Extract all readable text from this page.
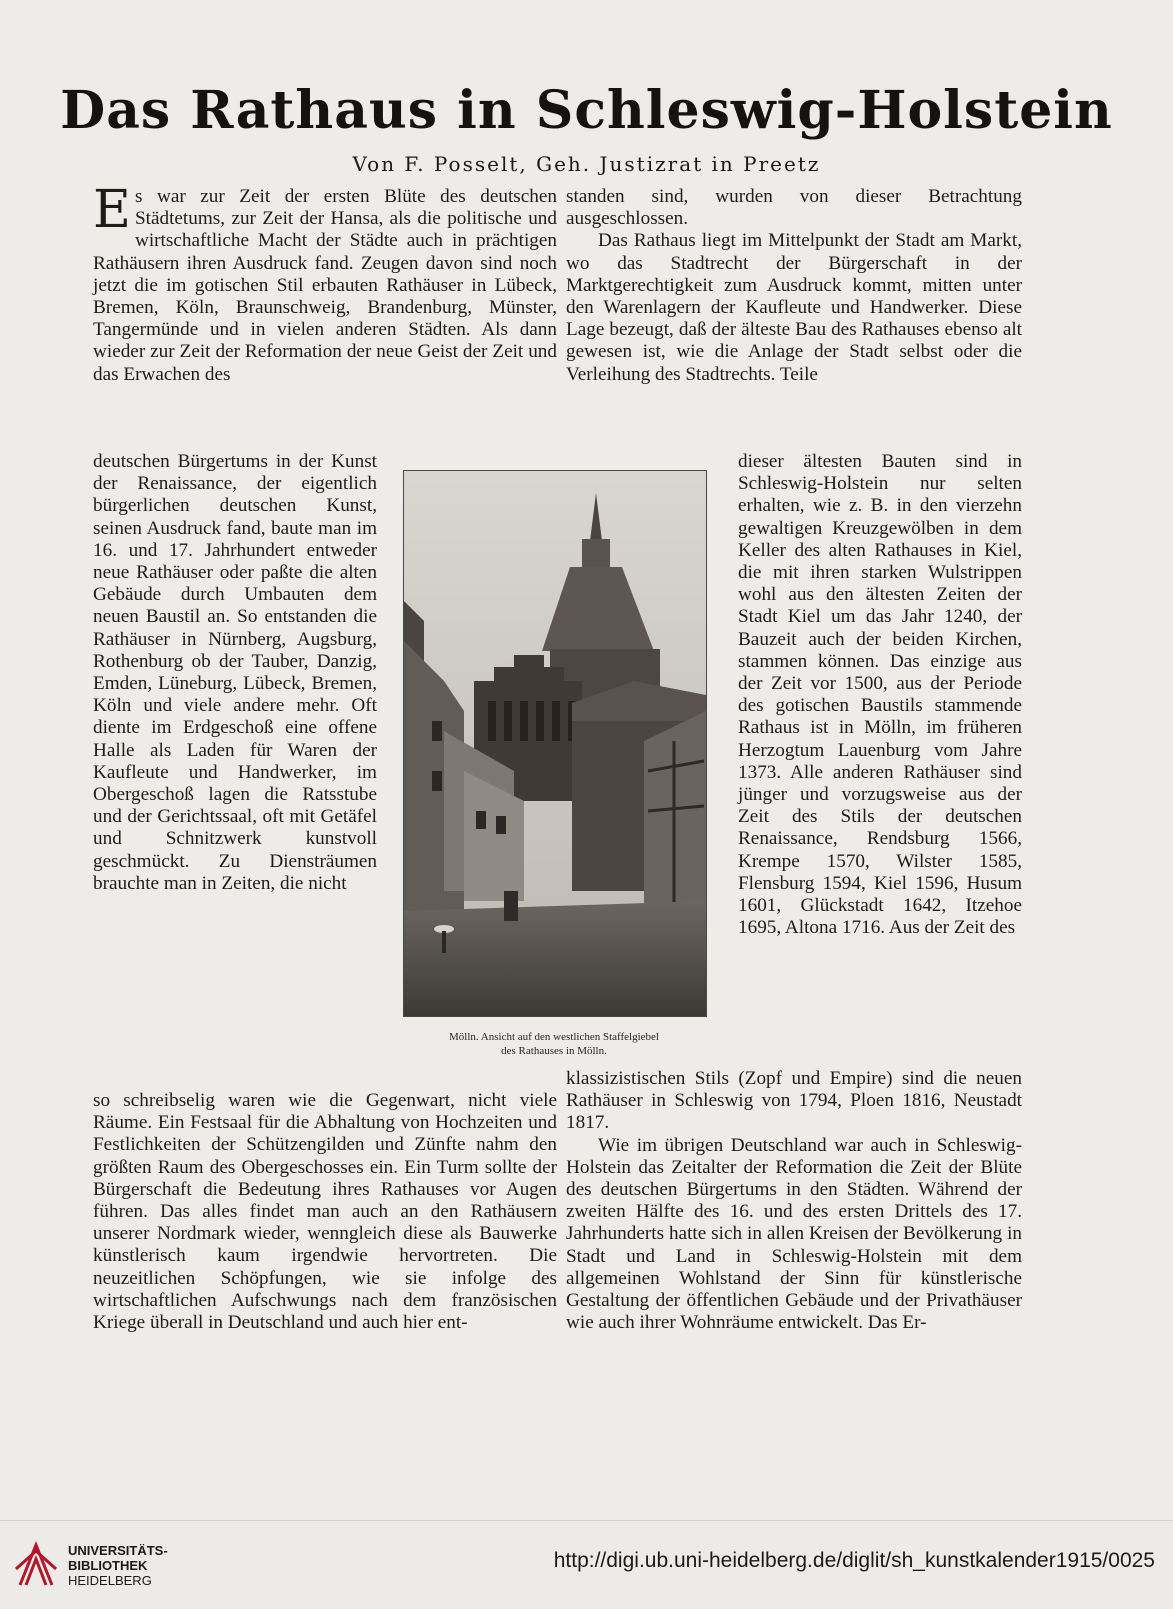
Das Rathaus in Schleswig-Holstein
Von F. Posselt, Geh. Justizrat in Preetz

Es war zur Zeit der ersten Blüte des deutschen Städtetums, zur Zeit der Hansa, als die politische und wirtschaftliche Macht der Städte auch in prächtigen Rathäusern ihren Ausdruck fand. Zeugen davon sind noch jetzt die im gotischen Stil erbauten Rathäuser in Lübeck, Bremen, Köln, Braunschweig, Brandenburg, Münster, Tangermünde und in vielen anderen Städten. Als dann wieder zur Zeit der Reformation der neue Geist der Zeit und das Erwachen des

standen sind, wurden von dieser Betrachtung ausgeschlossen.

Das Rathaus liegt im Mittelpunkt der Stadt am Markt, wo das Stadtrecht der Bürgerschaft in der Marktgerechtigkeit zum Ausdruck kommt, mitten unter den Warenlagern der Kaufleute und Handwerker. Diese Lage bezeugt, daß der älteste Bau des Rathauses ebenso alt gewesen ist, wie die Anlage der Stadt selbst oder die Verleihung des Stadtrechts. Teile

deutschen Bürgertums in der Kunst der Renaissance, der eigentlich bürgerlichen deutschen Kunst, seinen Ausdruck fand, baute man im 16. und 17. Jahrhundert entweder neue Rathäuser oder paßte die alten Gebäude durch Umbauten dem neuen Baustil an. So entstanden die Rathäuser in Nürnberg, Augsburg, Rothenburg ob der Tauber, Danzig, Emden, Lüneburg, Lübeck, Bremen, Köln und viele andere mehr. Oft diente im Erdgeschoß eine offene Halle als Laden für Waren der Kaufleute und Handwerker, im Obergeschoß lagen die Ratsstube und der Gerichtssaal, oft mit Getäfel und Schnitzwerk kunstvoll geschmückt. Zu Diensträumen brauchte man in Zeiten, die nicht

Mölln. Ansicht auf den westlichen Staffelgiebel
des Rathauses in Mölln.

dieser ältesten Bauten sind in Schleswig-Holstein nur selten erhalten, wie z. B. in den vierzehn gewaltigen Kreuzgewölben in dem Keller des alten Rathauses in Kiel, die mit ihren starken Wulstrippen wohl aus den ältesten Zeiten der Stadt Kiel um das Jahr 1240, der Bauzeit auch der beiden Kirchen, stammen können. Das einzige aus der Zeit vor 1500, aus der Periode des gotischen Baustils stammende Rathaus ist in Mölln, im früheren Herzogtum Lauenburg vom Jahre 1373. Alle anderen Rathäuser sind jünger und vorzugsweise aus der Zeit des Stils der deutschen Renaissance, Rendsburg 1566, Krempe 1570, Wilster 1585, Flensburg 1594, Kiel 1596, Husum 1601, Glückstadt 1642, Itzehoe 1695, Altona 1716. Aus der Zeit des

so schreibselig waren wie die Gegenwart, nicht viele Räume. Ein Festsaal für die Abhaltung von Hochzeiten und Festlichkeiten der Schützengilden und Zünfte nahm den größten Raum des Obergeschosses ein. Ein Turm sollte der Bürgerschaft die Bedeutung ihres Rathauses vor Augen führen. Das alles findet man auch an den Rathäusern unserer Nordmark wieder, wenngleich diese als Bauwerke künstlerisch kaum irgendwie hervortreten. Die neuzeitlichen Schöpfungen, wie sie infolge des wirtschaftlichen Aufschwungs nach dem französischen Kriege überall in Deutschland und auch hier ent-

klassizistischen Stils (Zopf und Empire) sind die neuen Rathäuser in Schleswig von 1794, Ploen 1816, Neustadt 1817.

Wie im übrigen Deutschland war auch in Schleswig-Holstein das Zeitalter der Reformation die Zeit der Blüte des deutschen Bürgertums in den Städten. Während der zweiten Hälfte des 16. und des ersten Drittels des 17. Jahrhunderts hatte sich in allen Kreisen der Bevölkerung in Stadt und Land in Schleswig-Holstein mit dem allgemeinen Wohlstand der Sinn für künstlerische Gestaltung der öffentlichen Gebäude und der Privathäuser wie auch ihrer Wohnräume entwickelt. Das Er-

UNIVERSITÄTS-
BIBLIOTHEK
HEIDELBERG
http://digi.ub.uni-heidelberg.de/diglit/sh_kunstkalender1915/0025
